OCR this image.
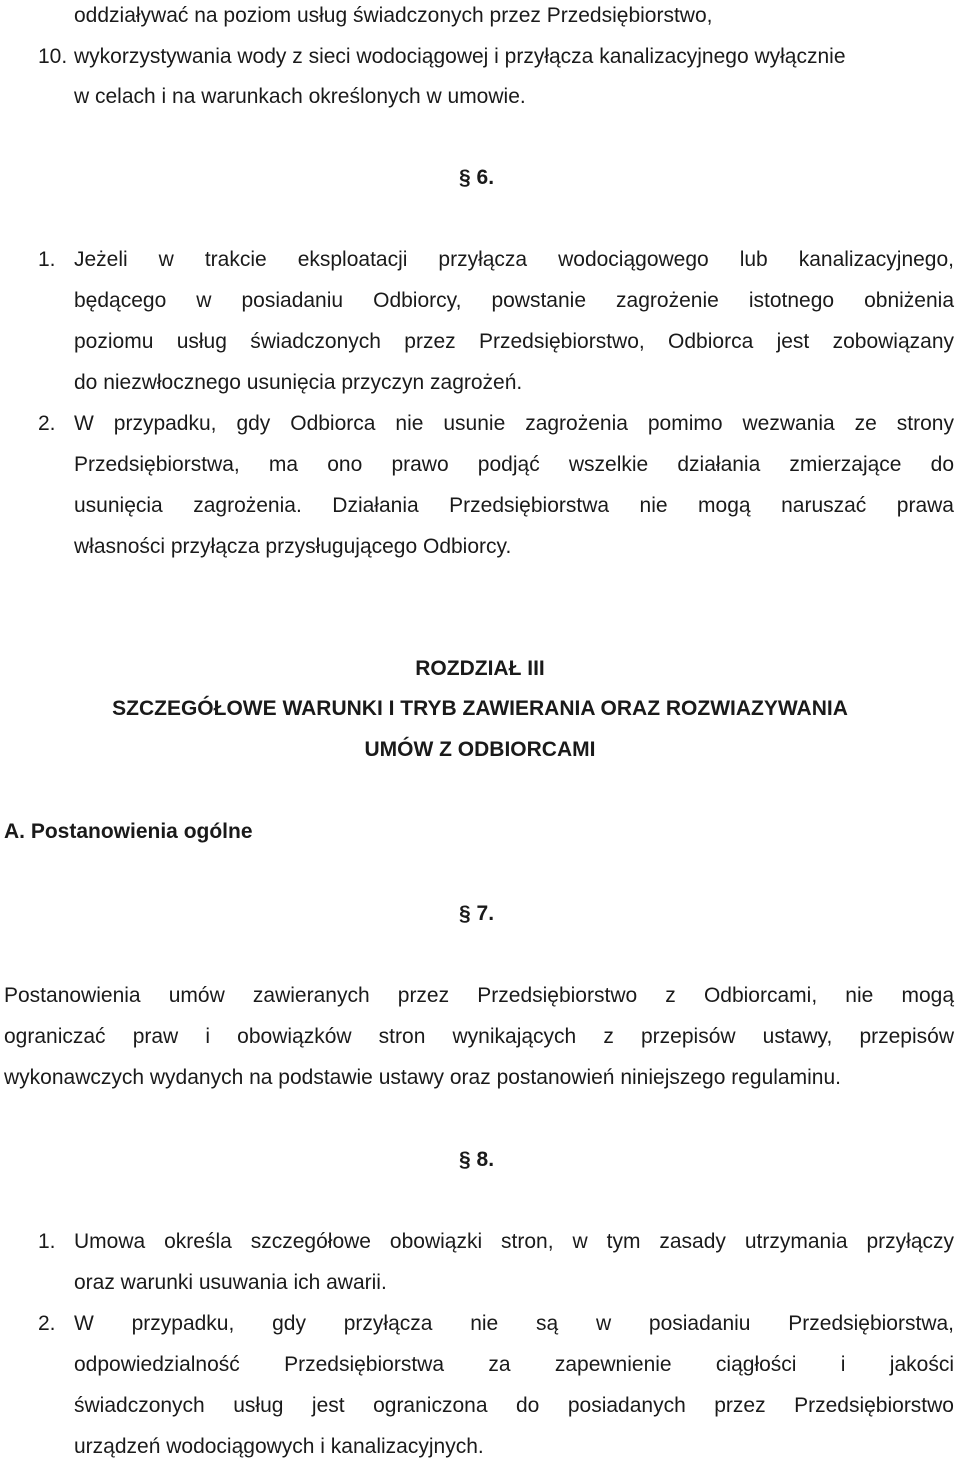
oddziaływać na poziom usług świadczonych przez Przedsiębiorstwo,
10. wykorzystywania wody z sieci wodociągowej i przyłącza kanalizacyjnego wyłącznie
w celach i na warunkach określonych w umowie.
§ 6.
1. Jeżeli w trakcie eksploatacji przyłącza wodociągowego lub kanalizacyjnego,
będącego w posiadaniu Odbiorcy, powstanie zagrożenie istotnego obniżenia
poziomu usług świadczonych przez Przedsiębiorstwo, Odbiorca jest zobowiązany
do niezwłocznego usunięcia przyczyn zagrożeń.
2. W przypadku, gdy Odbiorca nie usunie zagrożenia pomimo wezwania ze strony
Przedsiębiorstwa, ma ono prawo podjąć wszelkie działania zmierzające do
usunięcia zagrożenia. Działania Przedsiębiorstwa nie mogą naruszać prawa
własności przyłącza przysługującego Odbiorcy.
ROZDZIAŁ III
SZCZEGÓŁOWE WARUNKI I TRYB ZAWIERANIA ORAZ ROZWIAZYWANIA
UMÓW Z ODBIORCAMI
A. Postanowienia ogólne
§ 7.
Postanowienia umów zawieranych przez Przedsiębiorstwo z Odbiorcami, nie mogą
ograniczać praw i obowiązków stron wynikających z przepisów ustawy, przepisów
wykonawczych wydanych na podstawie ustawy oraz postanowień niniejszego regulaminu.
§ 8.
1. Umowa określa szczegółowe obowiązki stron, w tym zasady utrzymania przyłączy
oraz warunki usuwania ich awarii.
2. W przypadku, gdy przyłącza nie są w posiadaniu Przedsiębiorstwa,
odpowiedzialność Przedsiębiorstwa za zapewnienie ciągłości i jakości
świadczonych usług jest ograniczona do posiadanych przez Przedsiębiorstwo
urządzeń wodociągowych i kanalizacyjnych.
